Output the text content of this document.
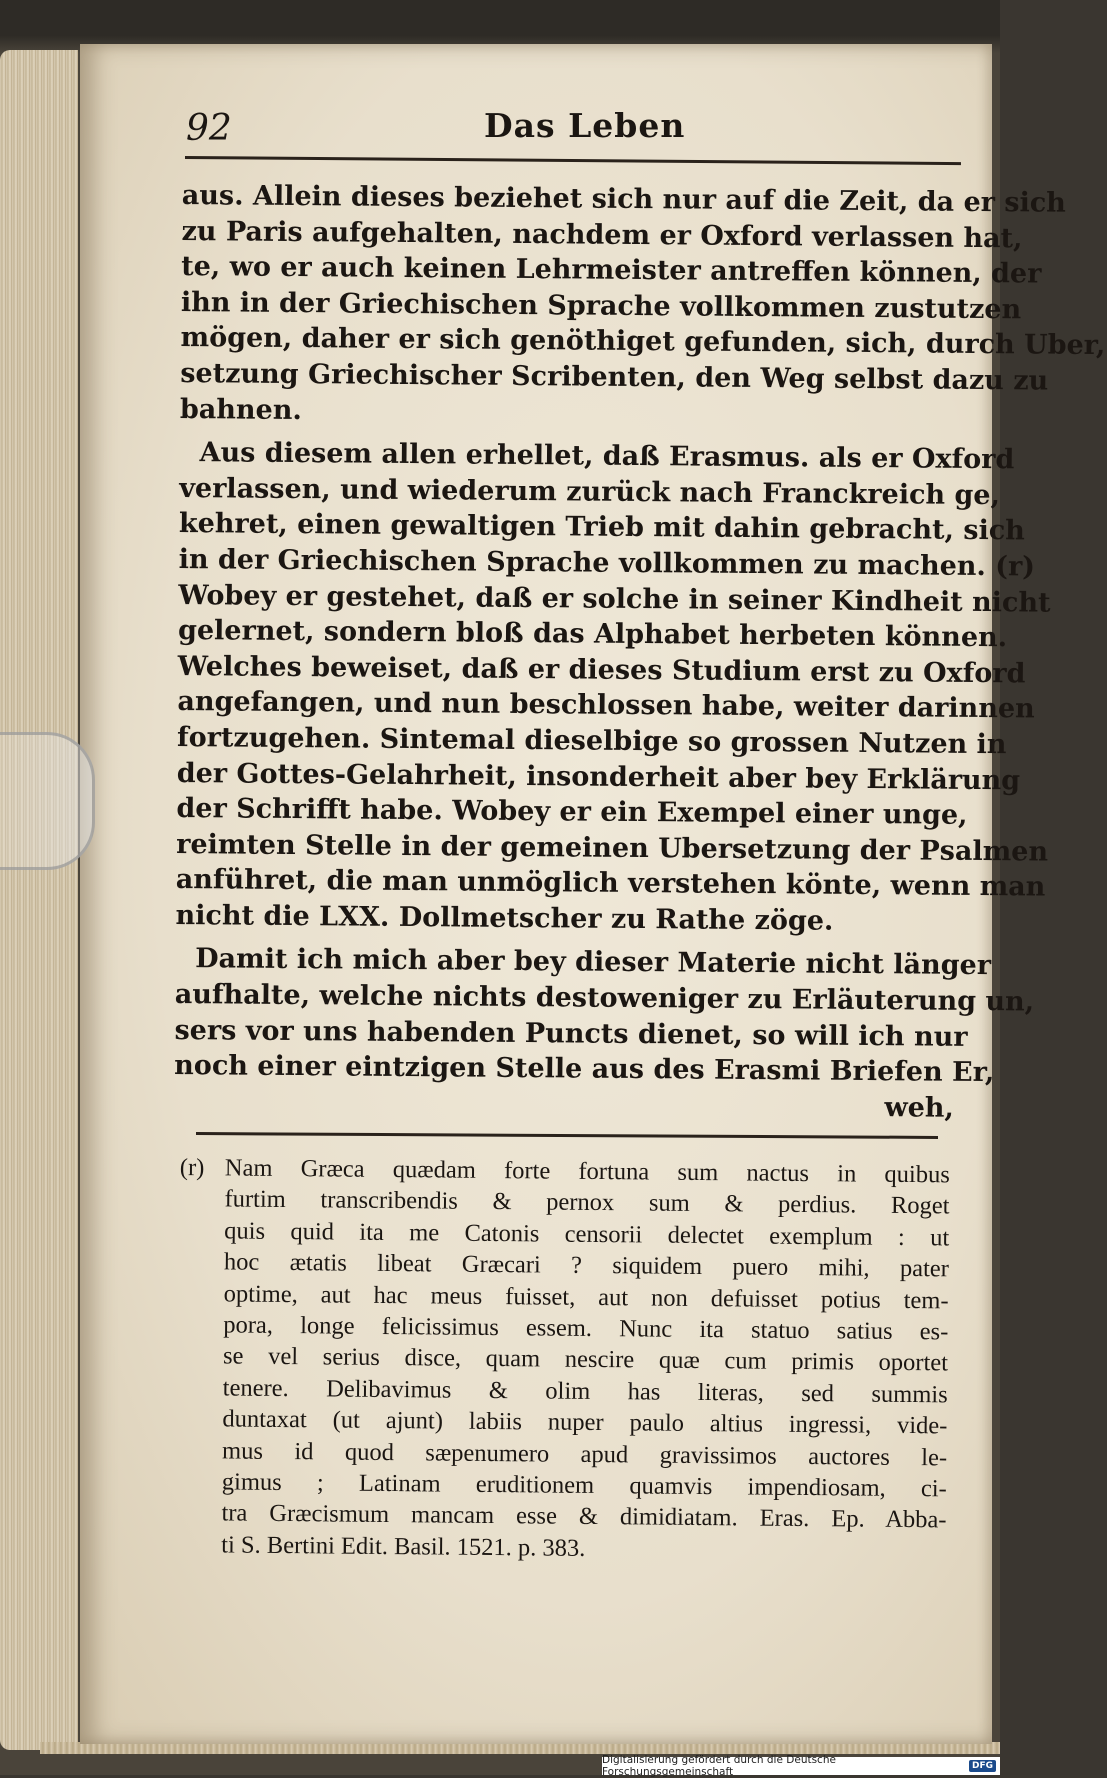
92	Das Leben
aus. Allein dieses beziehet sich nur auf die Zeit, da er sich
zu Paris aufgehalten, nachdem er Oxford verlassen hat,
te, wo er auch keinen Lehrmeister antreffen können, der
ihn in der Griechischen Sprache vollkommen zustutzen
mögen, daher er sich genöthiget gefunden, sich, durch Uber,
setzung Griechischer Scribenten, den Weg selbst dazu zu
bahnen.
Aus diesem allen erhellet, daß Erasmus. als er Oxford
verlassen, und wiederum zurück nach Franckreich ge,
kehret, einen gewaltigen Trieb mit dahin gebracht, sich
in der Griechischen Sprache vollkommen zu machen. (r)
Wobey er gestehet, daß er solche in seiner Kindheit nicht
gelernet, sondern bloß das Alphabet herbeten können.
Welches beweiset, daß er dieses Studium erst zu Oxford
angefangen, und nun beschlossen habe, weiter darinnen
fortzugehen. Sintemal dieselbige so grossen Nutzen in
der Gottes-Gelahrheit, insonderheit aber bey Erklärung
der Schrifft habe. Wobey er ein Exempel einer unge,
reimten Stelle in der gemeinen Ubersetzung der Psalmen
anführet, die man unmöglich verstehen könte, wenn man
nicht die LXX. Dollmetscher zu Rathe zöge.
Damit ich mich aber bey dieser Materie nicht länger
aufhalte, welche nichts destoweniger zu Erläuterung un,
sers vor uns habenden Puncts dienet, so will ich nur
noch einer eintzigen Stelle aus des Erasmi Briefen Er,
weh,
(r) Nam Græca quædam forte fortuna sum nactus in quibus
furtim transcribendis & pernox sum & perdius. Roget
quis quid ita me Catonis censorii delectet exemplum : ut
hoc ætatis libeat Græcari ? siquidem puero mihi, pater
optime, aut hac meus fuisset, aut non defuisset potius tem-
pora, longe felicissimus essem. Nunc ita statuo satius es-
se vel serius disce, quam nescire quæ cum primis oportet
tenere. Delibavimus & olim has literas, sed summis
duntaxat (ut ajunt) labiis nuper paulo altius ingressi, vide-
mus id quod sæpenumero apud gravissimos auctores le-
gimus ; Latinam eruditionem quamvis impendiosam, ci-
tra Græcismum mancam esse & dimidiatam. Eras. Ep. Abba-
ti S. Bertini Edit. Basil. 1521. p. 383.
Digitalisierung gefördert durch die Deutsche Forschungsgemeinschaft	DFG
